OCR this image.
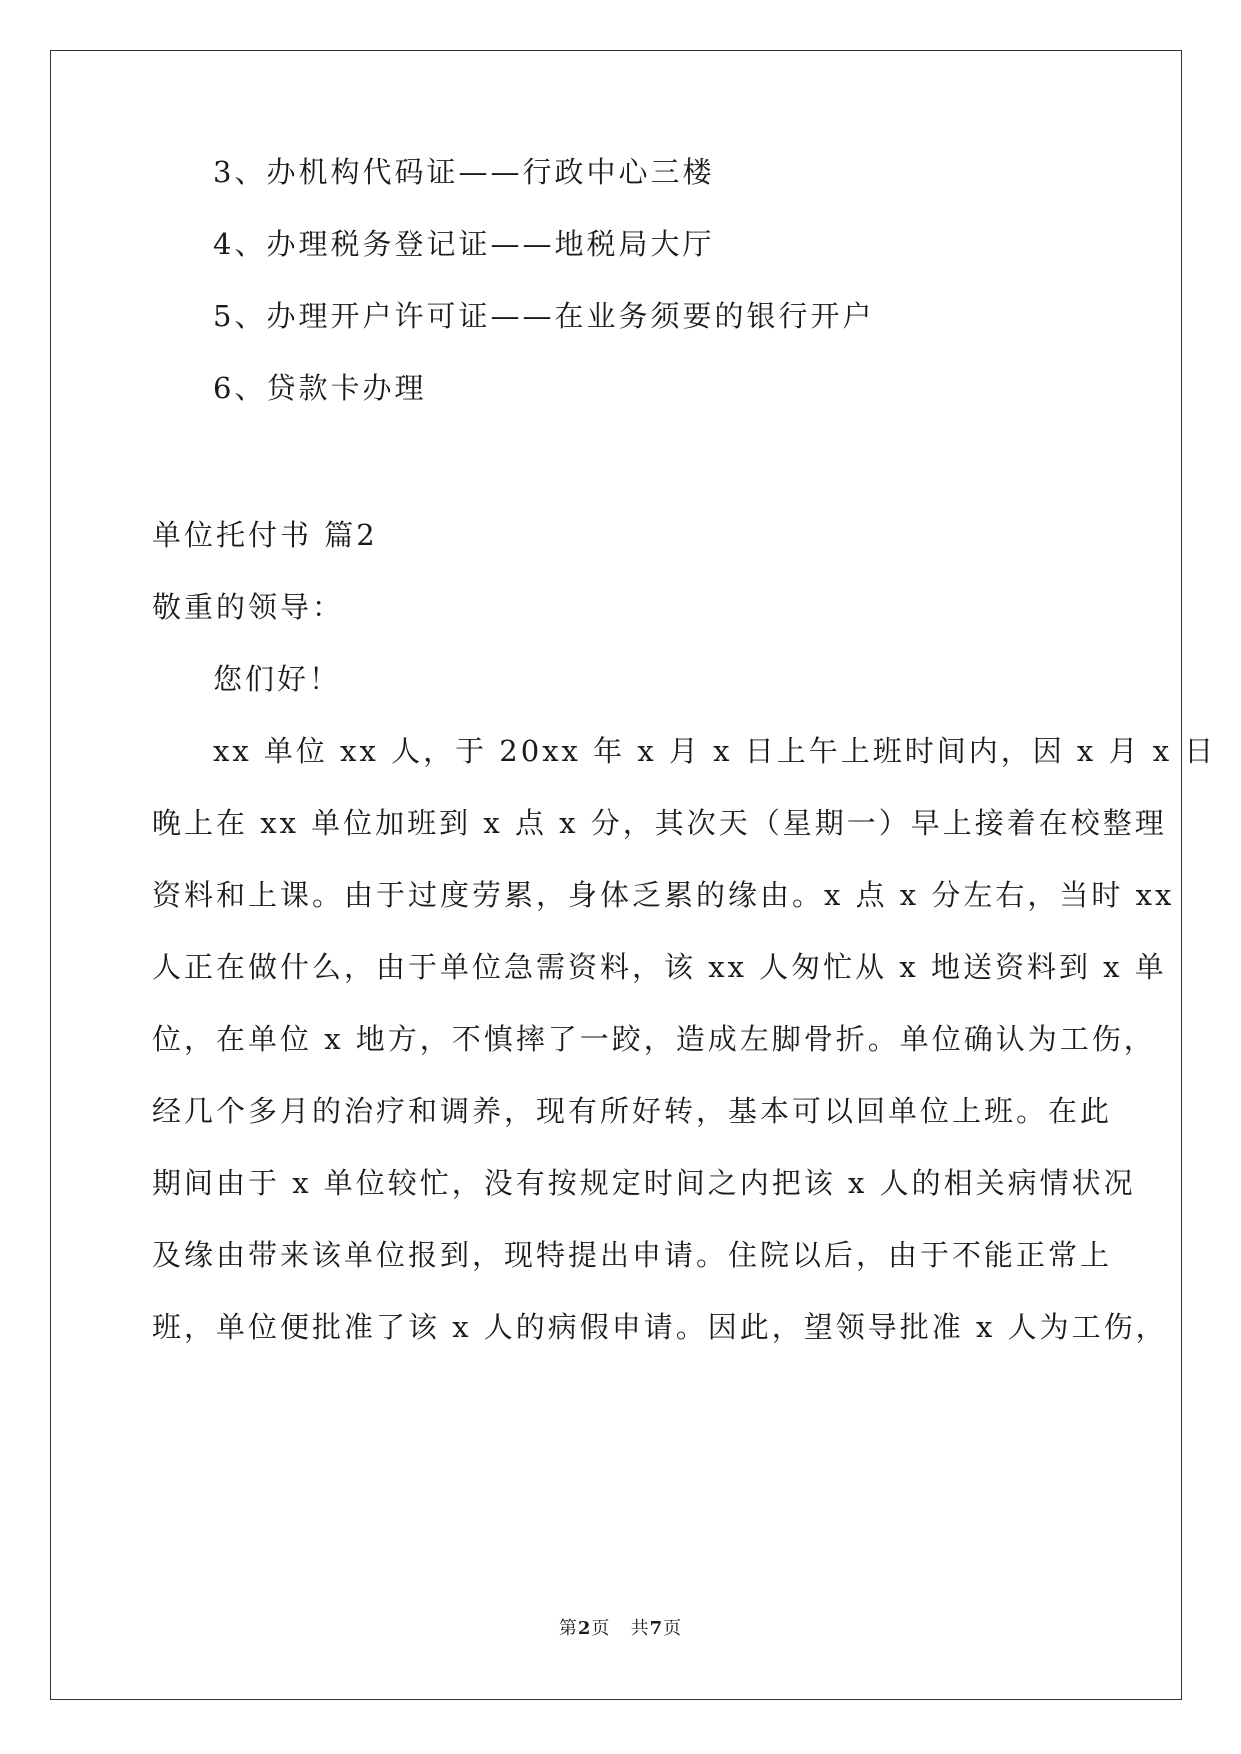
3、办机构代码证——行政中心三楼
4、办理税务登记证——地税局大厅
5、办理开户许可证——在业务须要的银行开户
6、贷款卡办理
单位托付书 篇2
敬重的领导：
您们好！
xx 单位 xx 人，于 20xx 年 x 月 x 日上午上班时间内，因 x 月 x 日
晚上在 xx 单位加班到 x 点 x 分，其次天（星期一）早上接着在校整理
资料和上课。由于过度劳累，身体乏累的缘由。x 点 x 分左右，当时 xx
人正在做什么，由于单位急需资料，该 xx 人匆忙从 x 地送资料到 x 单
位，在单位 x 地方，不慎摔了一跤，造成左脚骨折。单位确认为工伤，
经几个多月的治疗和调养，现有所好转，基本可以回单位上班。在此
期间由于 x 单位较忙，没有按规定时间之内把该 x 人的相关病情状况
及缘由带来该单位报到，现特提出申请。住院以后，由于不能正常上
班，单位便批准了该 x 人的病假申请。因此，望领导批准 x 人为工伤，
第2页 共7页
